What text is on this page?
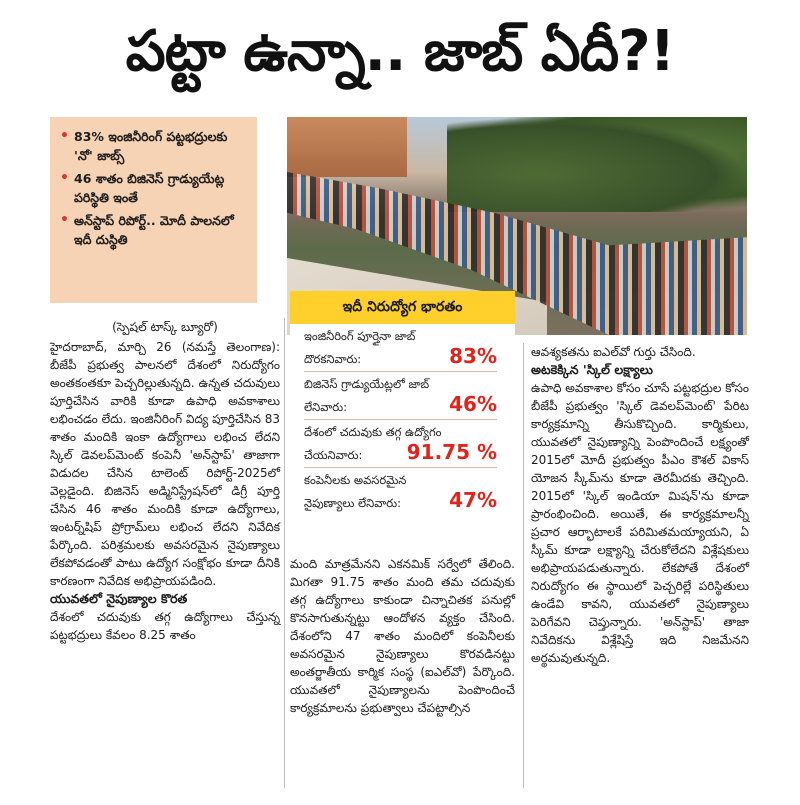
పట్టా ఉన్నా.. జాబ్ ఏదీ?!
• 83% ఇంజినీరింగ్ పట్టభద్రులకు 'నో' జాబ్స్
• 46 శాతం బిజినెస్ గ్రాడ్యుయేట్ల పరిస్థితి ఇంతే
• అన్‌స్టాప్ రిపోర్ట్.. మోదీ పాలనలో ఇదీ దుస్థితి
ఇదీ నిరుద్యోగ భారతం
ఇంజినీరింగ్ పూర్తైనా జాబ్
దొరకనివారు:	83%
బిజినెస్ గ్రాడ్యుయేట్లలో జాబ్
లేనివారు:	46%
దేశంలో చదువుకు తగ్గ ఉద్యోగం
చేయనివారు: 91.75 %
కంపెనీలకు అవసరమైన
నైపుణ్యాలు లేనివారు: 47%

(స్పెషల్ టాస్క్ బ్యూరో)

హైదరాబాద్, మార్చి 26 (నమస్తే తెలంగాణ): బీజేపీ ప్రభుత్వ పాలనలో దేశంలో నిరుద్యోగం అంతకంతకూ పెచ్చరిల్లుతున్నది. ఉన్నత చదువులు పూర్తిచేసిన వారికి కూడా ఉపాధి అవకాశాలు లభించడం లేదు. ఇంజినీరింగ్ విద్య పూర్తిచేసిన 83 శాతం మందికి ఇంకా ఉద్యోగాలు లభించ లేదని స్కిల్ డెవలప్‌మెంట్ కంపెనీ 'అన్‌స్టాప్' తాజాగా విడుదల చేసిన టాలెంట్ రిపోర్ట్-2025లో వెల్లడైంది. బిజినెస్ అడ్మినిస్ట్రేషన్‌లో డిగ్రీ పూర్తి చేసిన 46 శాతం మందికి కూడా ఉద్యోగాలు, ఇంటర్న్‌షిప్ ప్రోగ్రామ్‌లు లభించ లేదని నివేదిక పేర్కొంది. పరిశ్రమలకు అవసరమైన నైపుణ్యాలు లేకపోవడంతో పాటు ఉద్యోగ సంక్షోభం కూడా దీనికి కారణంగా నివేదిక అభిప్రాయపడింది.

యువతలో నైపుణ్యాల కొరత

దేశంలో చదువుకు తగ్గ ఉద్యోగాలు చేస్తున్న పట్టభద్రులు కేవలం 8.25 శాతం

మంది మాత్రమేనని ఎకనమిక్ సర్వేలో తేలింది. మిగతా 91.75 శాతం మంది తమ చదువుకు తగ్గ ఉద్యోగాలు కాకుండా చిన్నాచితక పనుల్లో కొనసాగుతున్నట్టు ఆందోళన వ్యక్తం చేసింది. దేశంలోని 47 శాతం మందిలో కంపెనీలకు అవసరమైన నైపుణ్యాలు కొరవడినట్టు అంతర్జాతీయ కార్మిక సంస్థ (ఐఎల్‌వో) పేర్కొంది. యువతలో నైపుణ్యాలను పెంపొందించే కార్యక్రమాలను ప్రభుత్వాలు చేపట్టాల్సిన

ఆవశ్యకతను ఐఎల్‌వో గుర్తు చేసింది.

అటకెక్కిన 'స్కిల్ లక్ష్యాలు

ఉపాధి అవకాశాల కోసం చూసే పట్టభద్రుల కోసం బీజేపీ ప్రభుత్వం 'స్కిల్ డెవలప్‌మెంట్' పేరిట కార్యక్రమాన్ని తీసుకొచ్చింది. కార్మికులు, యువతలో నైపుణ్యాన్ని పెంపొందించే లక్ష్యంతో 2015లో మోదీ ప్రభుత్వం పీఎం కౌశల్ వికాస్ యోజన స్కీమ్‌ను కూడా తెరమీదకు తెచ్చింది. 2015లో 'స్కిల్ ఇండియా మిషన్'ను కూడా ప్రారంభించింది. అయితే, ఈ కార్యక్రమాలన్నీ ప్రచార ఆర్భాటాలకే పరిమితమయ్యాయని, ఏ స్కీమ్ కూడా లక్ష్యాన్ని చేరుకోలేదని విశ్లేషకులు అభిప్రాయపడుతున్నారు. లేకపోతే దేశంలో నిరుద్యోగం ఈ స్థాయిలో పెచ్చరిల్లే పరిస్థితులు ఉండేవి కావని, యువతలో నైపుణ్యాలు పెరిగేవని చెప్తున్నారు. 'అన్‌స్టాప్' తాజా నివేదికను విశ్లేషిస్తే ఇది నిజమేనని అర్థమవుతున్నది.
